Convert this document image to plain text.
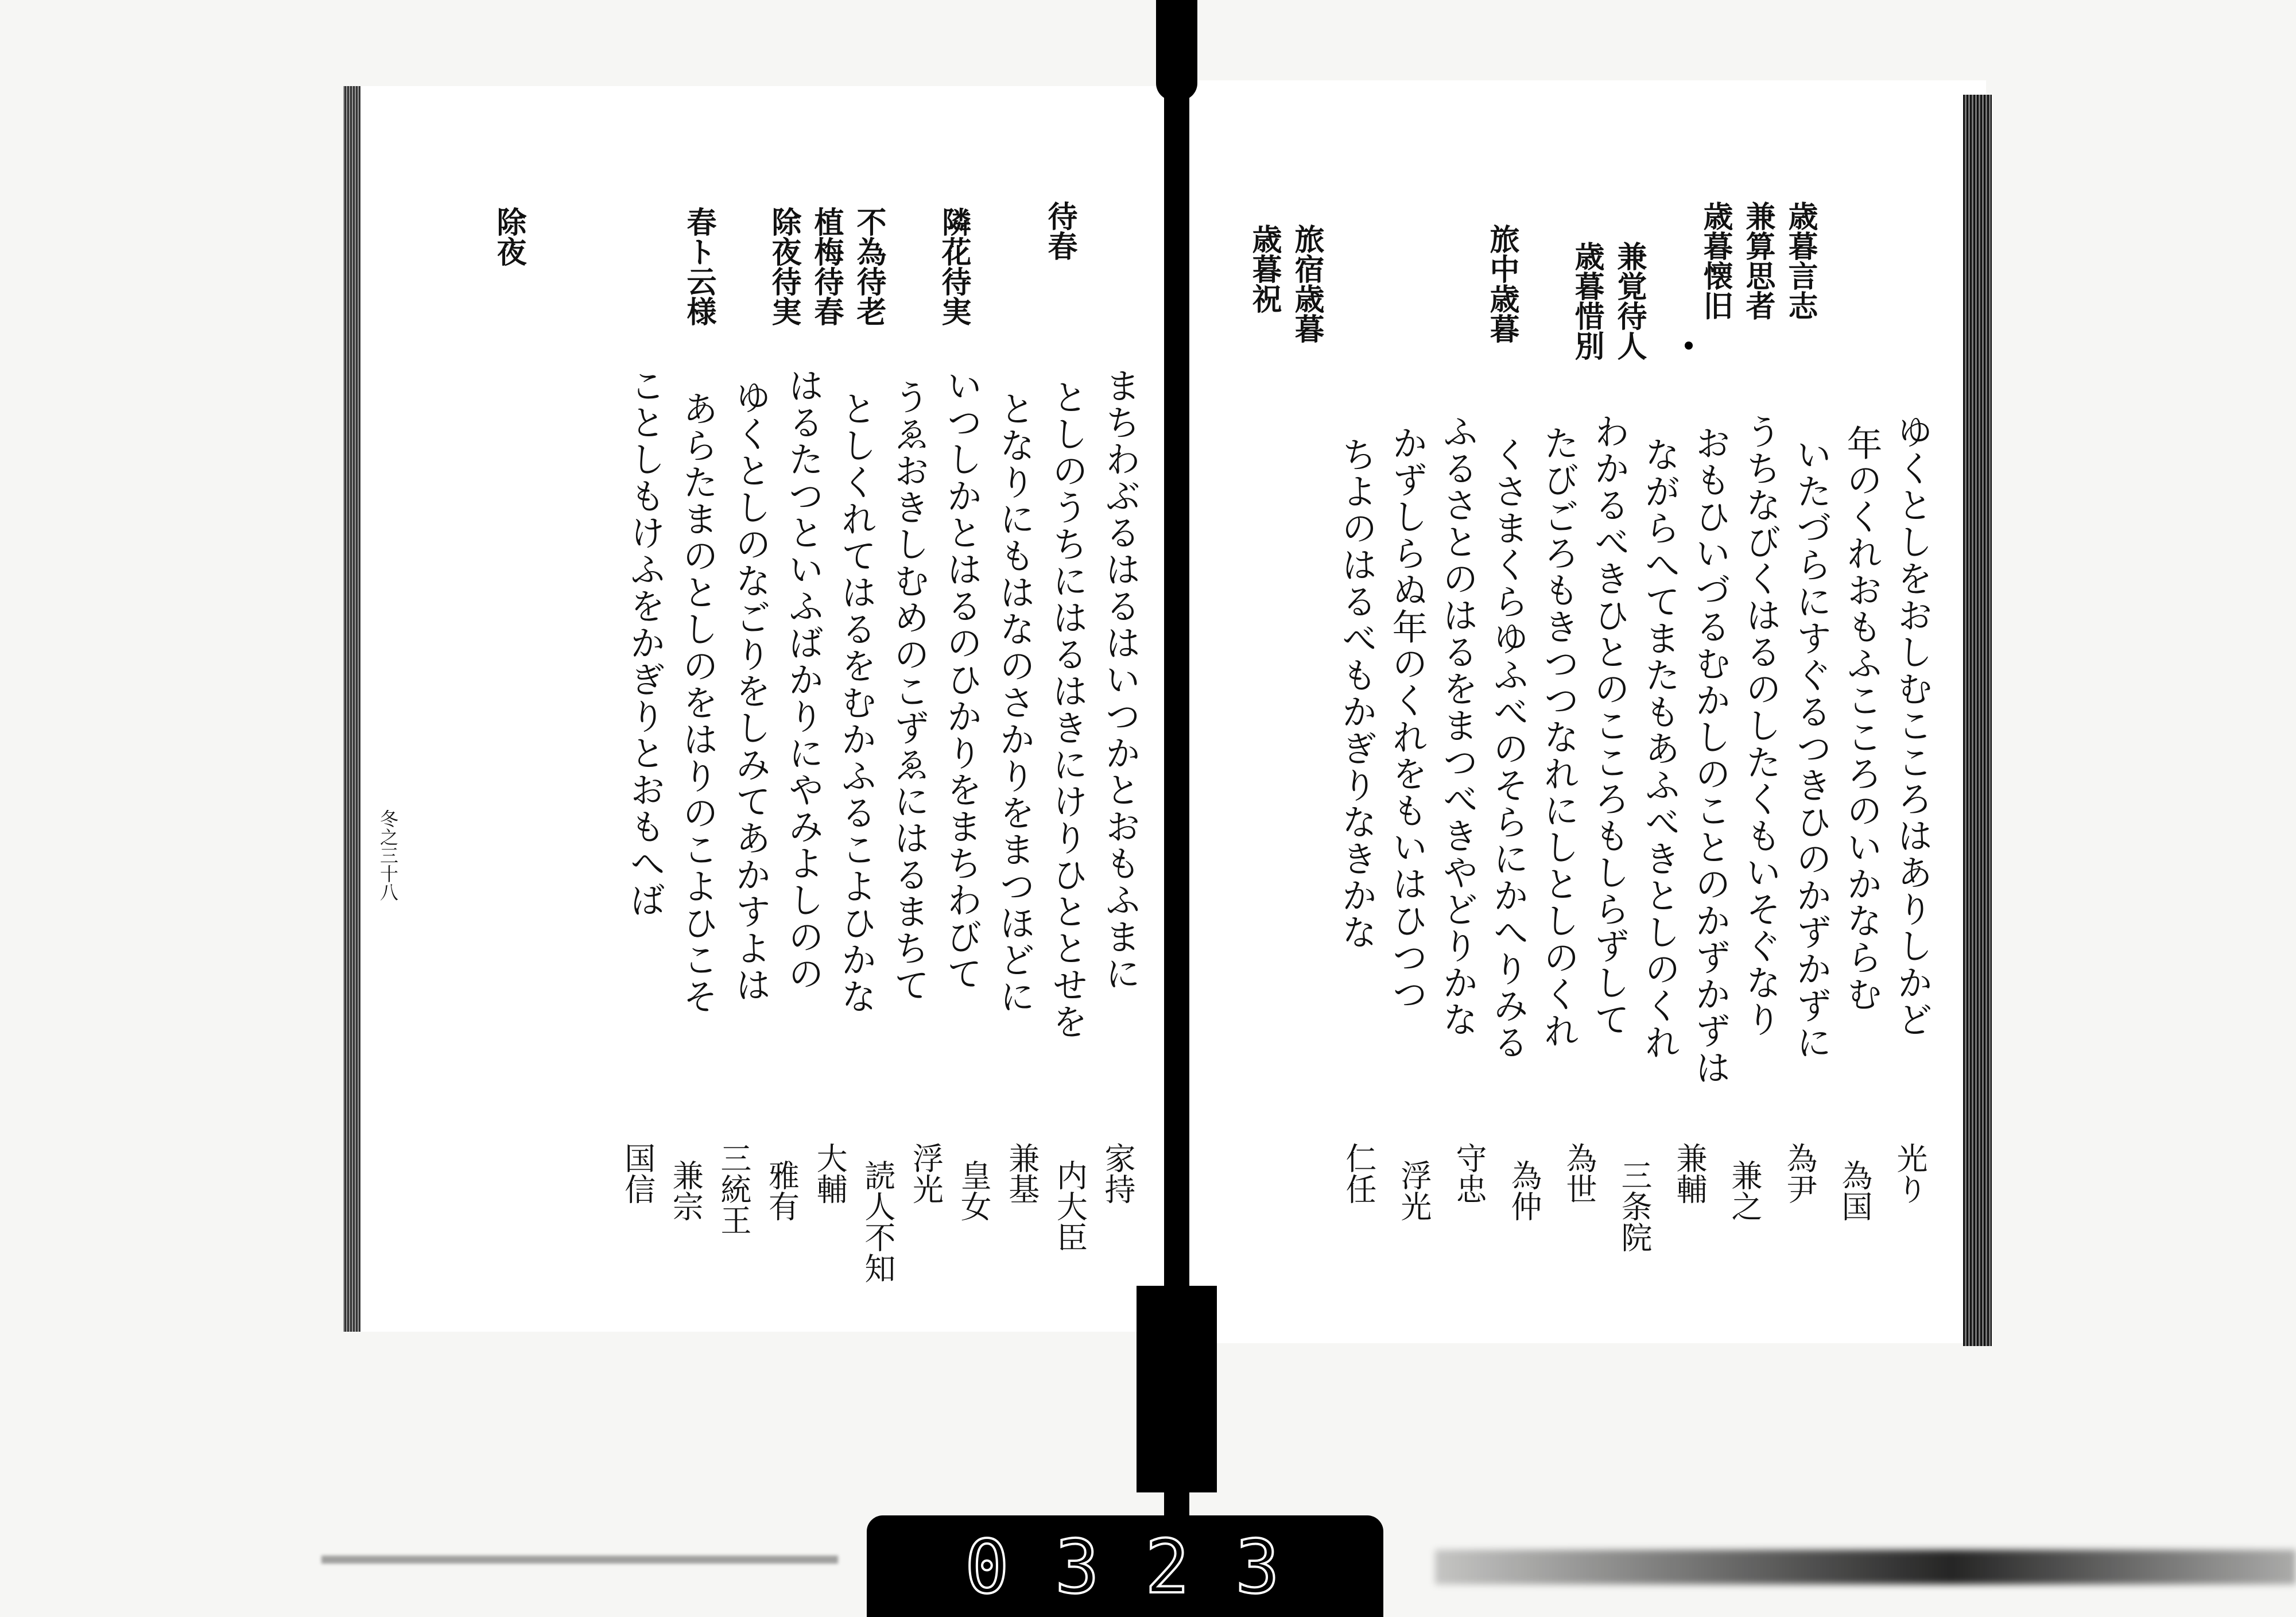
歳暮言志
兼算思者
歳暮懐旧
兼覚待人
歳暮惜別
旅中歳暮
旅宿歳暮
歳暮祝
待春
隣花待実
不為待老
植梅待春
除夜待実
春ト云様
除夜
ゆくとしをおしむこころはありしかど
年のくれおもふこころのいかならむ
いたづらにすぐるつきひのかずかずに
うちなびくはるのしたくもいそぐなり
おもひいづるむかしのことのかずかずは
ながらへてまたもあふべきとしのくれ
わかるべきひとのこころもしらずして
たびごろもきつつなれにしとしのくれ
くさまくらゆふべのそらにかへりみる
ふるさとのはるをまつべきやどりかな
かずしらぬ年のくれをもいはひつつ
ちよのはるべもかぎりなきかな
光り
為国
為尹
兼之
兼輔
三条院
為世
為仲
守忠
浮光
仁任
まちわぶるはるはいつかとおもふまに
としのうちにはるはきにけりひととせを
となりにもはなのさかりをまつほどに
いつしかとはるのひかりをまちわびて
うゑおきしむめのこずゑにはるまちて
としくれてはるをむかふるこよひかな
はるたつといふばかりにやみよしのの
ゆくとしのなごりをしみてあかすよは
あらたまのとしのをはりのこよひこそ
ことしもけふをかぎりとおもへば
家持
内大臣
兼基
皇女
浮光
読人不知
大輔
雅有
三統王
兼宗
国信
冬之三十八
0 3 2 3
